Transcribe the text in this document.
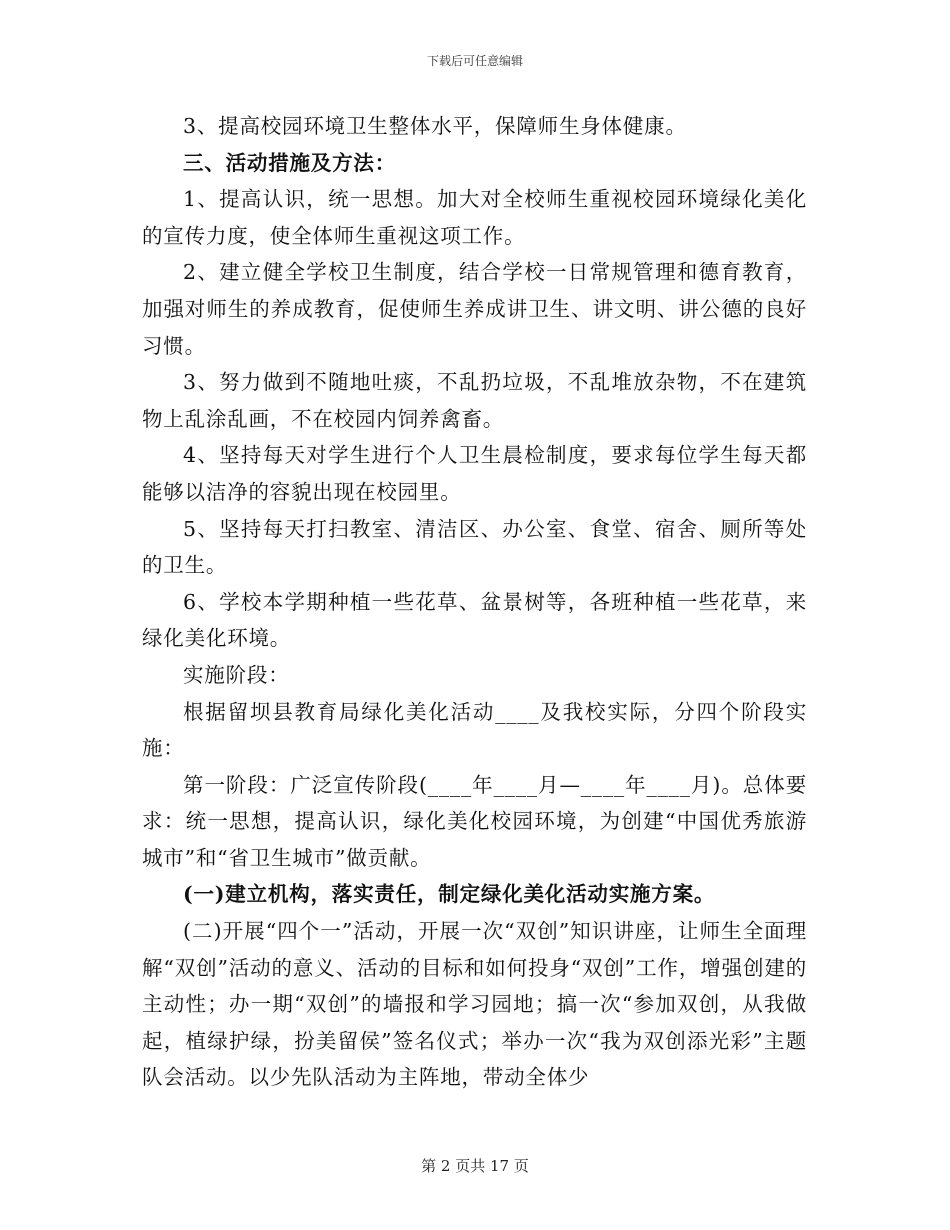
下载后可任意编辑

3、提高校园环境卫生整体水平，保障师生身体健康。

三、活动措施及方法：

1、提高认识，统一思想。加大对全校师生重视校园环境绿化美化的宣传力度，使全体师生重视这项工作。

2、建立健全学校卫生制度，结合学校一日常规管理和德育教育，加强对师生的养成教育，促使师生养成讲卫生、讲文明、讲公德的良好习惯。

3、努力做到不随地吐痰，不乱扔垃圾，不乱堆放杂物，不在建筑物上乱涂乱画，不在校园内饲养禽畜。

4、坚持每天对学生进行个人卫生晨检制度，要求每位学生每天都能够以洁净的容貌出现在校园里。

5、坚持每天打扫教室、清洁区、办公室、食堂、宿舍、厕所等处的卫生。

6、学校本学期种植一些花草、盆景树等，各班种植一些花草，来绿化美化环境。

实施阶段：

根据留坝县教育局绿化美化活动____及我校实际，分四个阶段实施：

第一阶段：广泛宣传阶段(____年____月—____年____月)。总体要求：统一思想，提高认识，绿化美化校园环境，为创建“中国优秀旅游城市”和“省卫生城市”做贡献。

(一)建立机构，落实责任，制定绿化美化活动实施方案。

(二)开展“四个一”活动，开展一次“双创”知识讲座，让师生全面理解“双创”活动的意义、活动的目标和如何投身“双创”工作，增强创建的主动性；办一期“双创”的墙报和学习园地；搞一次“参加双创，从我做起，植绿护绿，扮美留侯”签名仪式；举办一次“我为双创添光彩”主题队会活动。以少先队活动为主阵地，带动全体少

第 2 页共 17 页
